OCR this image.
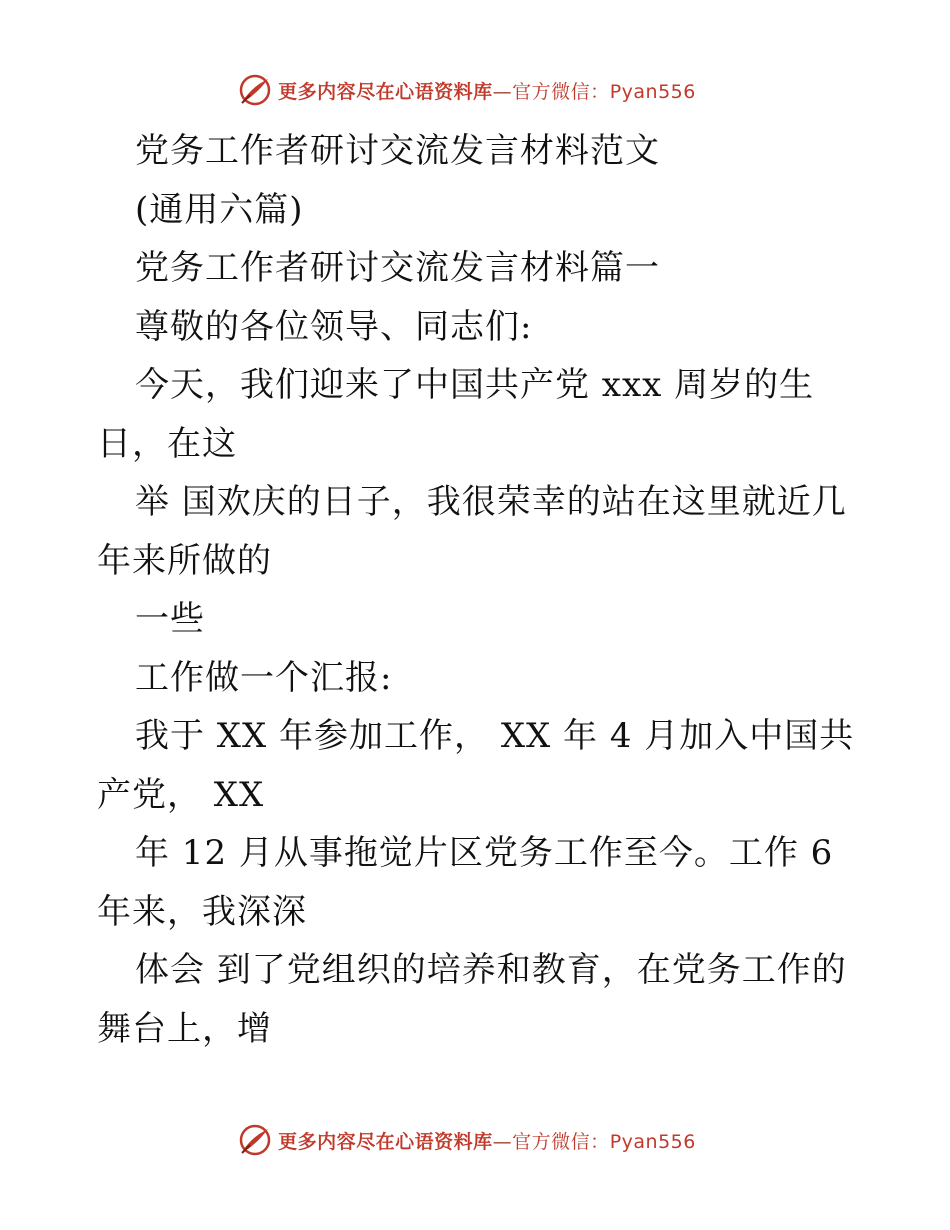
更多内容尽在心语资料库—官方微信：Pyan556
党务工作者研讨交流发言材料范文
(通用六篇)
党务工作者研讨交流发言材料篇一
尊敬的各位领导、同志们:
今天，我们迎来了中国共产党 xxx 周岁的生
日，在这
举 国欢庆的日子，我很荣幸的站在这里就近几
年来所做的
一些
工作做一个汇报:
我于 XX 年参加工作， XX 年 4 月加入中国共
产党， XX
年 12 月从事拖觉片区党务工作至今。工作 6
年来，我深深
体会 到了党组织的培养和教育，在党务工作的
舞台上，增
更多内容尽在心语资料库—官方微信：Pyan556
